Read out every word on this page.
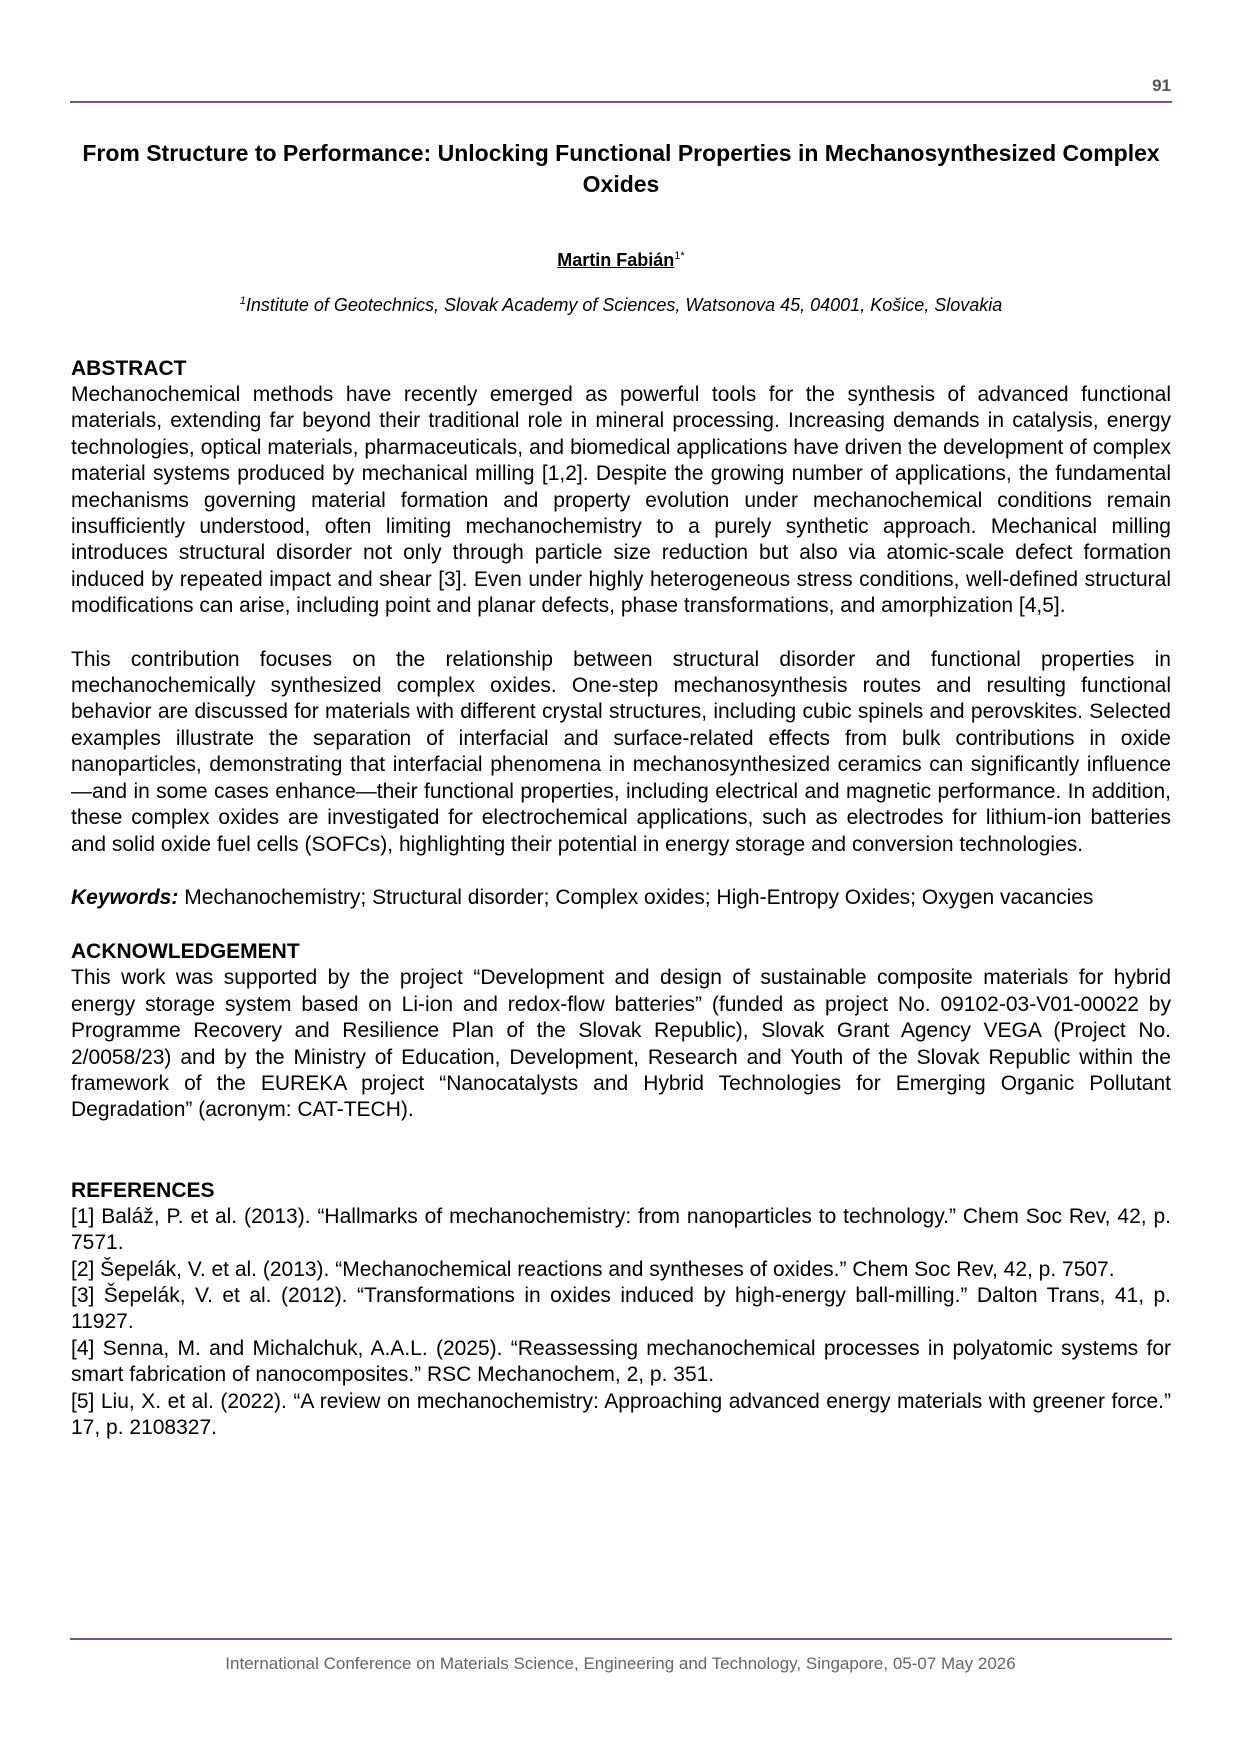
91
From Structure to Performance: Unlocking Functional Properties in Mechanosynthesized Complex Oxides
Martin Fabián$^{1*}$
$^1$Institute of Geotechnics, Slovak Academy of Sciences, Watsonova 45, 04001, Košice, Slovakia
ABSTRACT

Mechanochemical methods have recently emerged as powerful tools for the synthesis of advanced functional materials, extending far beyond their traditional role in mineral processing. Increasing demands in catalysis, energy technologies, optical materials, pharmaceuticals, and biomedical applications have driven the development of complex material systems produced by mechanical milling [1,2]. Despite the growing number of applications, the fundamental mechanisms governing material formation and property evolution under mechanochemical conditions remain insufficiently understood, often limiting mechanochemistry to a purely synthetic approach. Mechanical milling introduces structural disorder not only through particle size reduction but also via atomic-scale defect formation induced by repeated impact and shear [3]. Even under highly heterogeneous stress conditions, well-defined structural modifications can arise, including point and planar defects, phase transformations, and amorphization [4,5].

This contribution focuses on the relationship between structural disorder and functional properties in mechanochemically synthesized complex oxides. One-step mechanosynthesis routes and resulting functional behavior are discussed for materials with different crystal structures, including cubic spinels and perovskites. Selected examples illustrate the separation of interfacial and surface-related effects from bulk contributions in oxide nanoparticles, demonstrating that interfacial phenomena in mechanosynthesized ceramics can significantly influence—and in some cases enhance—their functional properties, including electrical and magnetic performance. In addition, these complex oxides are investigated for electrochemical applications, such as electrodes for lithium-ion batteries and solid oxide fuel cells (SOFCs), highlighting their potential in energy storage and conversion technologies.

Keywords: Mechanochemistry; Structural disorder; Complex oxides; High-Entropy Oxides; Oxygen vacancies

ACKNOWLEDGEMENT

This work was supported by the project “Development and design of sustainable composite materials for hybrid energy storage system based on Li-ion and redox-flow batteries” (funded as project No. 09102-03-V01-00022 by Programme Recovery and Resilience Plan of the Slovak Republic), Slovak Grant Agency VEGA (Project No. 2/0058/23) and by the Ministry of Education, Development, Research and Youth of the Slovak Republic within the framework of the EUREKA project “Nanocatalysts and Hybrid Technologies for Emerging Organic Pollutant Degradation” (acronym: CAT-TECH).

REFERENCES

[1] Baláž, P. et al. (2013). “Hallmarks of mechanochemistry: from nanoparticles to technology.” Chem Soc Rev, 42, p. 7571.

[2] Šepelák, V. et al. (2013). “Mechanochemical reactions and syntheses of oxides.” Chem Soc Rev, 42, p. 7507.

[3] Šepelák, V. et al. (2012). “Transformations in oxides induced by high-energy ball-milling.” Dalton Trans, 41, p. 11927.

[4] Senna, M. and Michalchuk, A.A.L. (2025). “Reassessing mechanochemical processes in polyatomic systems for smart fabrication of nanocomposites.” RSC Mechanochem, 2, p. 351.

[5] Liu, X. et al. (2022). “A review on mechanochemistry: Approaching advanced energy materials with greener force.” 17, p. 2108327.

International Conference on Materials Science, Engineering and Technology, Singapore, 05-07 May 2026
